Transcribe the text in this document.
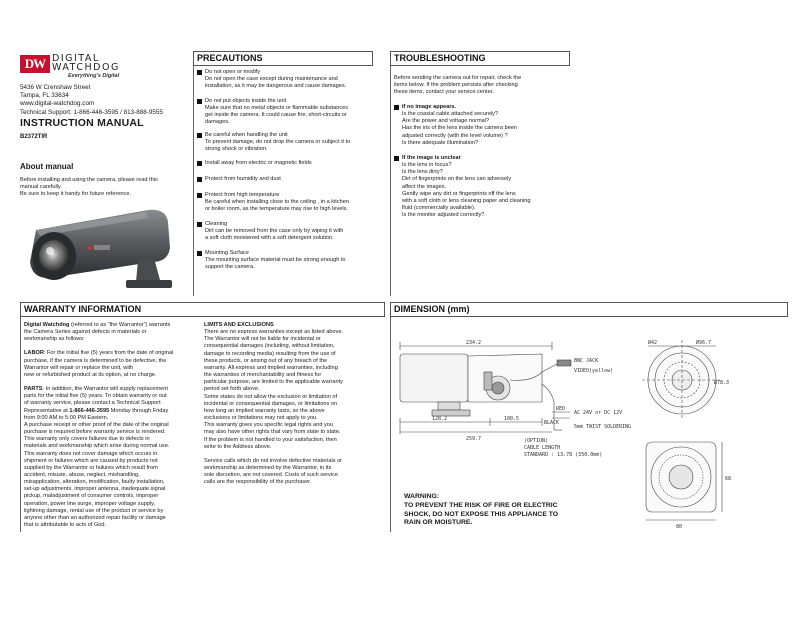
DW DIGITAL
WATCHDOG
Everything's Digital

5436 W Crenshaw Street

Tampa, FL 33634

www.digital-watchdog.com

Technical Support: 1-866-446-3595 / 813-888-9555

INSTRUCTION MANUAL
B2372TIR
About manual

Before installing and using the camera, please read this

manual carefully.

Be sure to keep it handy for future reference.

PRECAUTIONS
Do not open or modify

Do not open the case except during maintenance and

installation, as it may be dangerous and cause damages.

Do not put objects inside the unit

Make sure that no metal objects or flammable substances

get inside the camera. It could cause fire, short-circuits or

damages.

Be careful when handling the unit

To prevent damage, do not drop the camera or subject it to

strong shock or vibration.

Install away from electric or magnetic fields
Protect from humidity and dust
Protect from high temperature

Be careful when installing close to the ceiling , in a kitchen

or boiler room, as the temperature may rise to high levels.

Cleaning

Dirt can be removed from the case only by wiping it with

a soft cloth moistened with a soft detergent solution.

Mounting Surface

The mounting surface material must be strong enough to

support the camera.

TROUBLESHOOTING

Before sending the camera out for repair, check the

items below. If the problem persists after checking

these items, contact your service center.

If no image appears.

Is the coaxial cable attached securely?

Are the power and voltage normal?

Has the iris of the lens inside the camera been

adjusted correctly (with the level volume) ?

Is there adequate illumination?

If the image is unclear

Is the lens in focus?

Is the lens dirty?

Dirt of fingerprints on the lens can adversely

affect the images.

Gently wipe any dirt or fingerprints off the lens

with a soft cloth or lens cleaning paper and cleaning

fluid (commercially available).

Is the monitor adjusted correctly?

WARRANTY INFORMATION

Digital Watchdog (referred to as “the Warrantor”) warrants

the Camera Series against defects in materials or

workmanship as follows:

LABOR: For the initial five (5) years from the date of original

purchase, if the camera is determined to be defective, the

Warrantor will repair or replace the unit, with

new or refurbished product at its option, at no charge.

PARTS: In addition, the Warrantor will supply replacement

parts for the initial five (5) years. To obtain warranty or out

of warranty service, please contact a Technical Support

Representative at 1-866-446-3595 Monday through Friday

from 9:00 AM to 5:00 PM Eastern.

A purchase receipt or other proof of the date of the original

purchase is required before warranty service is rendered.

This warranty only covers failures due to defects in

materials and workmanship which arise during normal use.

This warranty does not cover damage which occurs in

shipment or failures which are caused by products not

supplied by the Warrantor or failures which result from

accident, misuse, abuse, neglect, mishandling,

misapplication, alteration, modification, faulty installation,

set-up adjustments, improper antenna, inadequate signal

pickup, maladjustment of consumer controls, improper

operation, power line surge, improper voltage supply,

lightning damage, rental use of the product or service by

anyone other than an authorized repair facility or damage

that is attributable to acts of God.

LIMITS AND EXCLUSIONS

There are no express warranties except as listed above.

The Warrantor will not be liable for incidental or

consequential damages (including, without limitation,

damage to recording media) resulting from the use of

these products, or arising out of any breach of the

warranty. All express and implied warranties, including

the warranties of merchantability and fitness for

particular purpose, are limited to the applicable warranty

period set forth above.

Some states do not allow the exclusion or limitation of

incidental or consequential damages, or limitations on

how long an implied warranty lasts, so the above

exclusions or limitations may not apply to you.

This warranty gives you specific legal rights and you

may also have other rights that vary from state to state.

If the problem is not handled to your satisfaction, then

write to the Address above.

Service calls which do not involve defective materials or

workmanship as determined by the Warrantor, in its

sole discretion, are not covered. Costs of such service

calls are the responsibility of the purchaser.

DIMENSION (mm)
234.2
128.2	100.5
259.7
BNC JACK
VIDEO(yellow)
RED
BLACK
AC 24V or DC 12V
5mm TWIST SOLDERING
(OPTION)
CABLE LENGTH
STANDARD : 13.78 (350.0mm)
Ø42	Ø96.7
Ø78.3
80
68

WARNING:

TO PREVENT THE RISK OF FIRE OR ELECTRIC

SHOCK, DO NOT EXPOSE THIS APPLIANCE TO

RAIN OR MOISTURE.
